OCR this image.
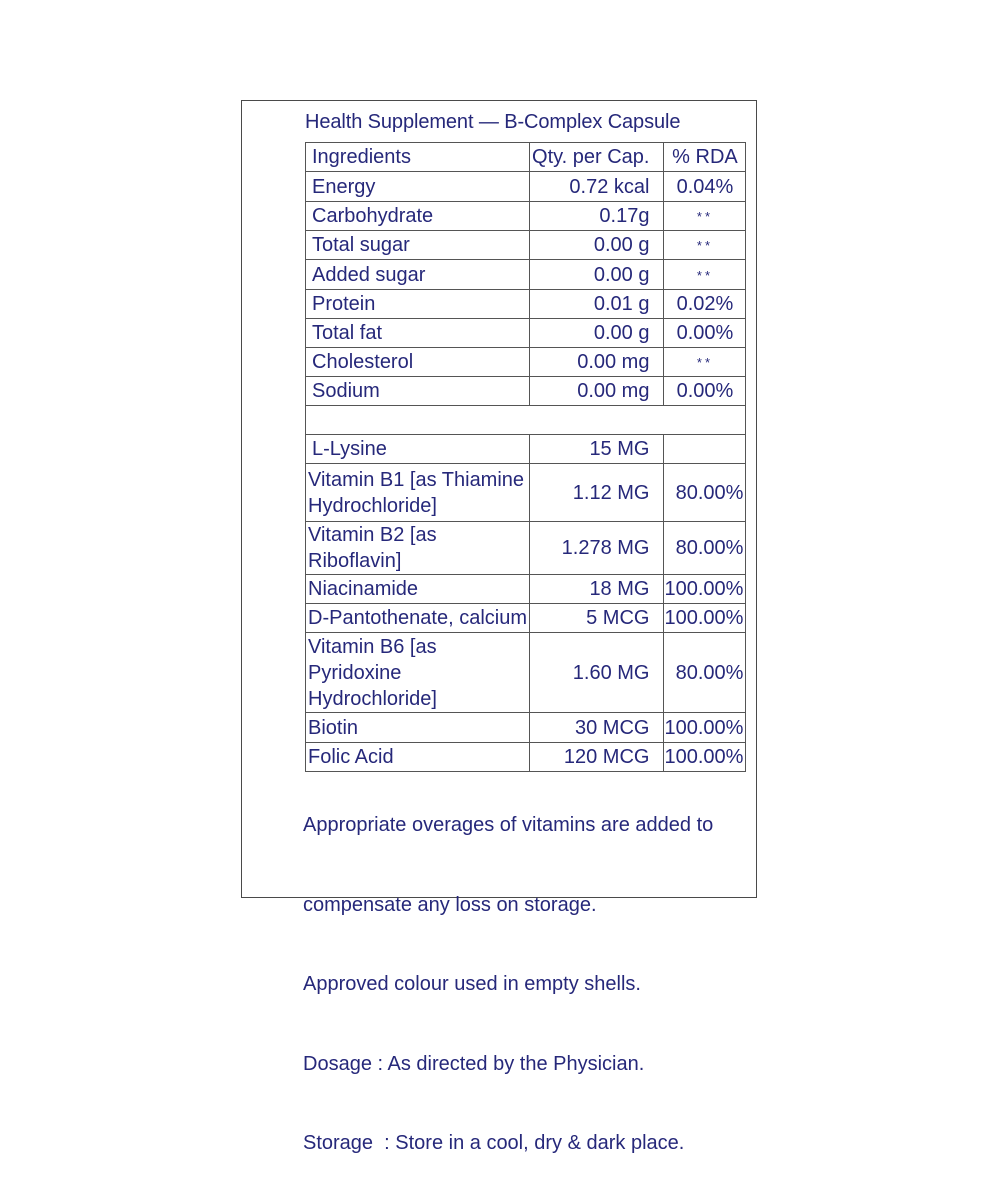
Health Supplement — B-Complex Capsule
Ingredients	Qty. per Cap.	% RDA
Energy	0.72 kcal	0.04%
Carbohydrate	0.17g	**
Total sugar	0.00 g	**
Added sugar	0.00 g	**
Protein	0.01 g	0.02%
Total fat	0.00 g	0.00%
Cholesterol	0.00 mg	**
Sodium	0.00 mg	0.00%

L-Lysine	15 MG	
Vitamin B1 [as Thiamine Hydrochloride]	1.12 MG	80.00%
Vitamin B2 [as Riboflavin]	1.278 MG	80.00%
Niacinamide	18 MG	100.00%
D-Pantothenate, calcium	5 MCG	100.00%
Vitamin B6 [as Pyridoxine Hydrochloride]	1.60 MG	80.00%
Biotin	30 MCG	100.00%
Folic Acid	120 MCG	100.00%

Appropriate overages of vitamins are added to

compensate any loss on storage.

Approved colour used in empty shells.

Dosage : As directed by the Physician.

Storage  : Store in a cool, dry & dark place.
